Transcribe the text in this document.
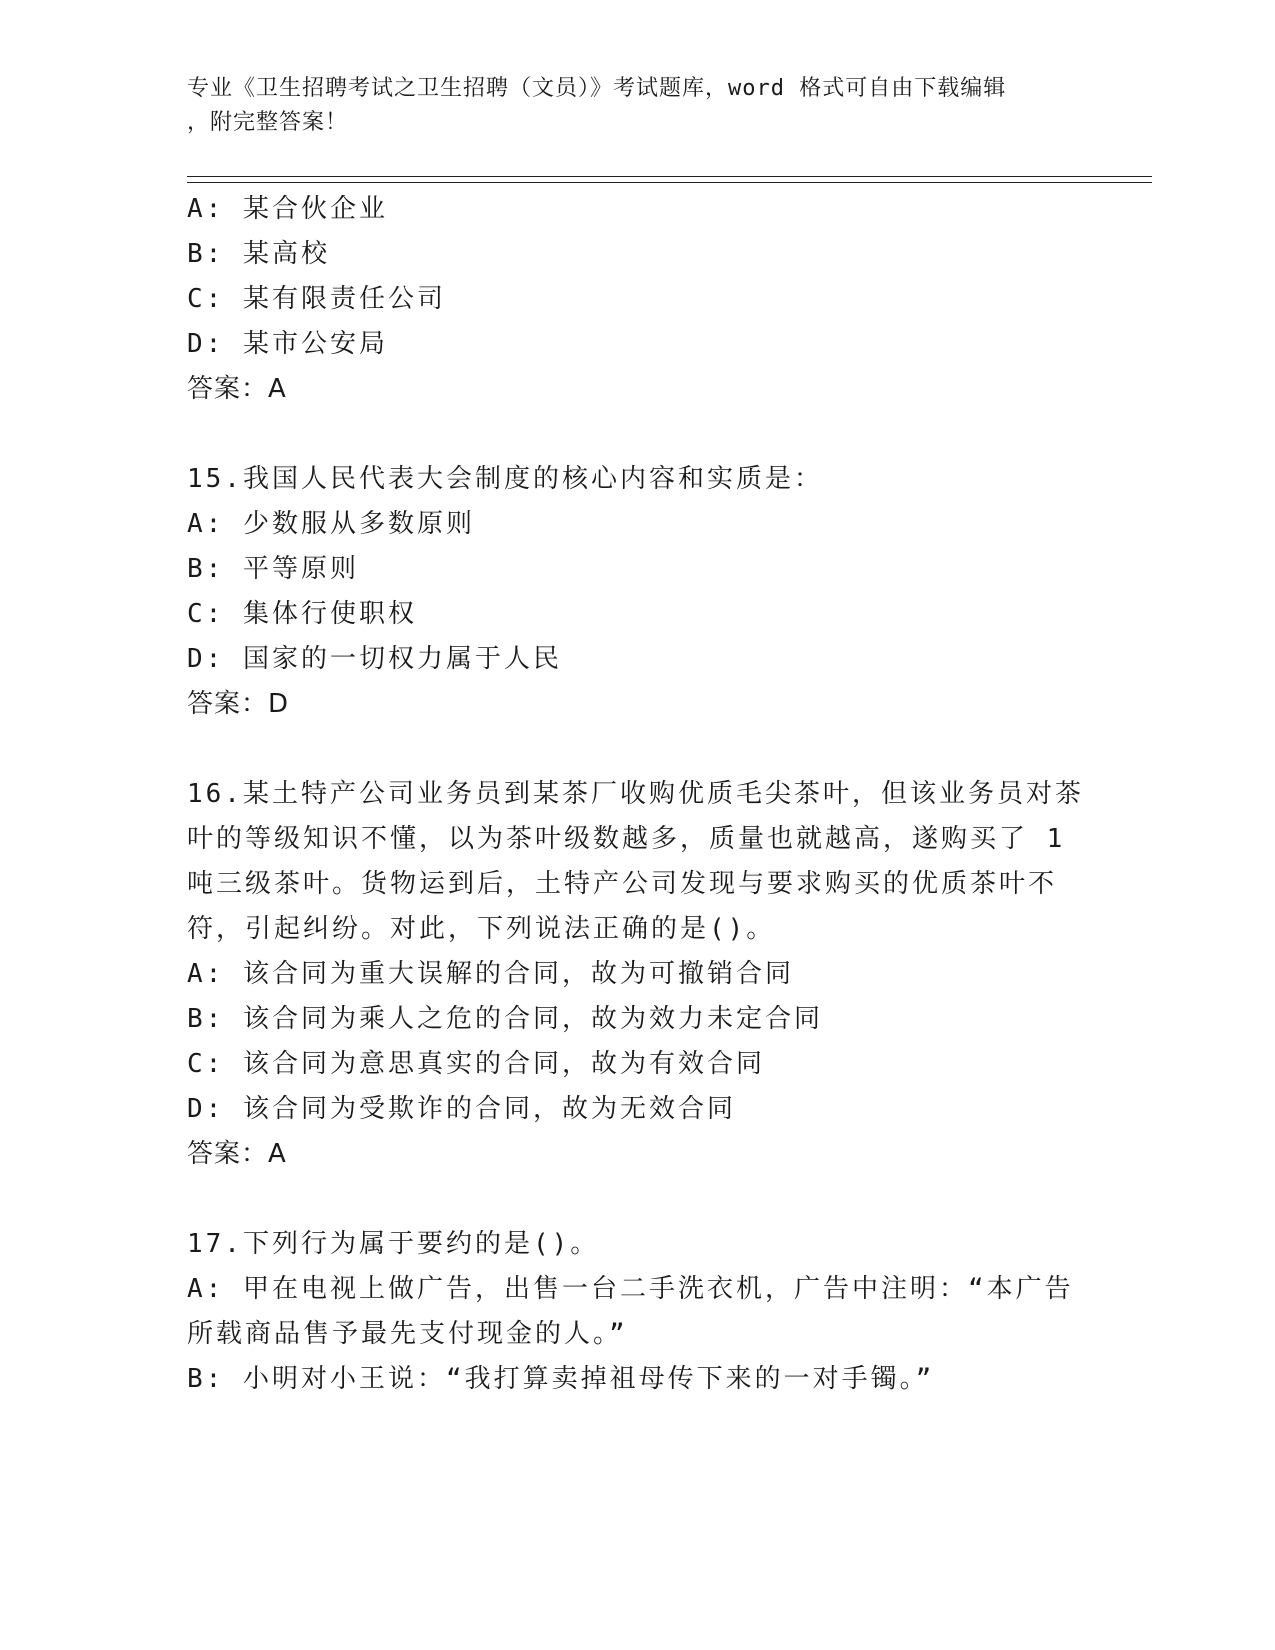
专业《卫生招聘考试之卫生招聘（文员）》考试题库，word 格式可自由下载编辑
，附完整答案！
A: 某合伙企业
B: 某高校
C: 某有限责任公司
D: 某市公安局
答案：A
15.我国人民代表大会制度的核心内容和实质是：
A: 少数服从多数原则
B: 平等原则
C: 集体行使职权
D: 国家的一切权力属于人民
答案：D
16.某土特产公司业务员到某茶厂收购优质毛尖茶叶，但该业务员对茶
叶的等级知识不懂，以为茶叶级数越多，质量也就越高，遂购买了 1
吨三级茶叶。货物运到后，土特产公司发现与要求购买的优质茶叶不
符，引起纠纷。对此，下列说法正确的是()。
A: 该合同为重大误解的合同，故为可撤销合同
B: 该合同为乘人之危的合同，故为效力未定合同
C: 该合同为意思真实的合同，故为有效合同
D: 该合同为受欺诈的合同，故为无效合同
答案：A
17.下列行为属于要约的是()。
A: 甲在电视上做广告，出售一台二手洗衣机，广告中注明：“本广告
所载商品售予最先支付现金的人。”
B: 小明对小王说：“我打算卖掉祖母传下来的一对手镯。”
